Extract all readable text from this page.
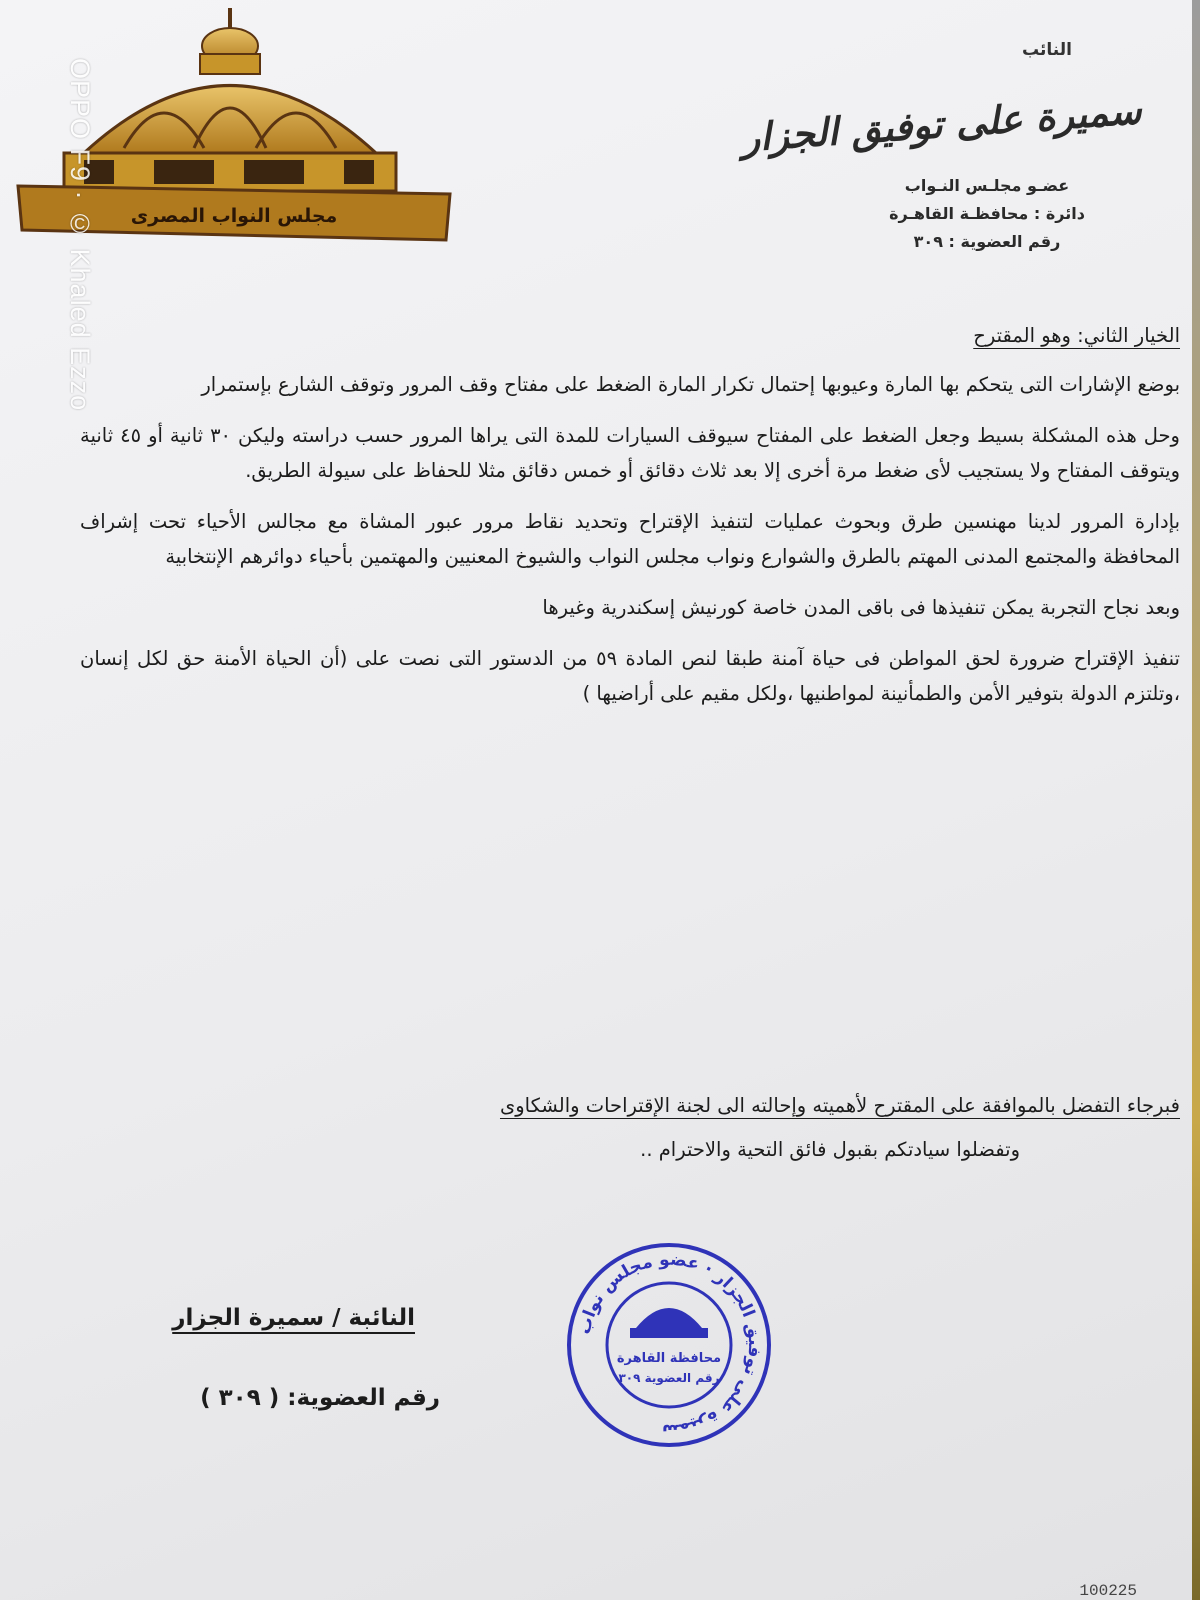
مجلس النواب المصرى
OPPO F9 · © Khaled Ezzo
النائب
سميرة على توفيق الجزار
عضـو مجلـس النـواب
دائرة : محافظـة القاهـرة
رقم العضوية : ٣٠٩

الخيار الثاني: وهو المقترح

بوضع الإشارات التى يتحكم بها المارة وعيوبها إحتمال تكرار المارة الضغط على مفتاح وقف المرور وتوقف الشارع بإستمرار

وحل هذه المشكلة بسيط وجعل الضغط على المفتاح سيوقف السيارات للمدة التى يراها المرور حسب دراسته وليكن ٣٠ ثانية أو ٤٥ ثانية ويتوقف المفتاح ولا يستجيب لأى ضغط مرة أخرى إلا بعد ثلاث دقائق أو خمس دقائق مثلا للحفاظ على سيولة الطريق.

بإدارة المرور لدينا مهنسين طرق وبحوث عمليات لتنفيذ الإقتراح وتحديد نقاط مرور عبور المشاة مع مجالس الأحياء تحت إشراف المحافظة والمجتمع المدنى المهتم بالطرق والشوارع ونواب مجلس النواب والشيوخ المعنيين والمهتمين بأحياء دوائرهم الإنتخابية

وبعد نجاح التجربة يمكن تنفيذها فى باقى المدن خاصة كورنيش إسكندرية وغيرها

تنفيذ الإقتراح ضرورة لحق المواطن فى حياة آمنة طبقا لنص المادة ٥٩ من الدستور التى نصت على (أن الحياة الأمنة حق لكل إنسان ،وتلتزم الدولة بتوفير الأمن والطمأنينة لمواطنيها ،ولكل مقيم على أراضيها )

فبرجاء التفضل بالموافقة على المقترح لأهميته وإحالته الى لجنة الإقتراحات والشكاوى
وتفضلوا سيادتكم بقبول فائق التحية والاحترام ..
سميرة على توفيق الجزار · عضو مجلس نواب
محافظة القاهرة
رقم العضوية ٣٠٩
النائبة / سميرة الجزار
رقم العضوية: ( ٣٠٩ )
100225
